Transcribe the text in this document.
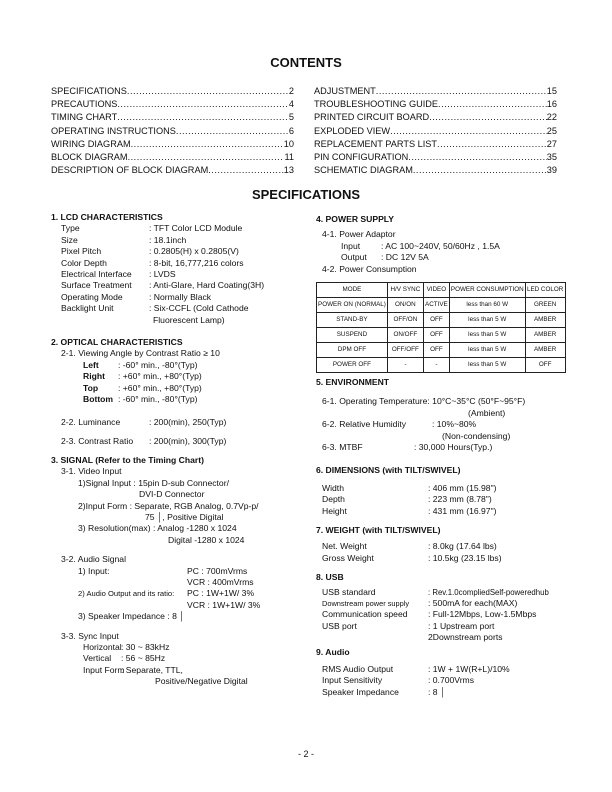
CONTENTS
SPECIFICATIONS .....	2
PRECAUTIONS .....	4
TIMING CHART .....	5
OPERATING INSTRUCTIONS .....	6
WIRING DIAGRAM .....	10
BLOCK DIAGRAM .....	11
DESCRIPTION OF BLOCK DIAGRAM .....	13
ADJUSTMENT .....	15
TROUBLESHOOTING GUIDE .....	16
PRINTED CIRCUIT BOARD .....	22
EXPLODED VIEW .....	25
REPLACEMENT PARTS LIST .....	27
PIN CONFIGURATION .....	35
SCHEMATIC DIAGRAM .....	39
SPECIFICATIONS
1. LCD CHARACTERISTICS
Type	: TFT Color LCD Module
Size	: 18.1inch
Pixel Pitch	: 0.2805(H) x 0.2805(V)
Color Depth	: 8-bit, 16,777,216 colors
Electrical Interface : LVDS
Surface Treatment : Anti-Glare, Hard Coating(3H)
Operating Mode	: Normally Black
Backlight Unit	: Six-CCFL (Cold Cathode
Fluorescent Lamp)
2. OPTICAL CHARACTERISTICS
2-1. Viewing Angle by Contrast Ratio ≥ 10
Left : -60° min., -80°(Typ)
Right : +60° min., +80°(Typ)
Top : +60° min., +80°(Typ)
Bottom : -60° min., -80°(Typ)
2-2. Luminance	: 200(min), 250(Typ)
2-3. Contrast Ratio : 200(min), 300(Typ)
3. SIGNAL (Refer to the Timing Chart)
3-1. Video Input
1)Signal Input : 15pin D-sub Connector/
DVI-D Connector
2)Input Form : Separate, RGB Analog, 0.7Vp-p/
75 │, Positive Digital
3) Resolution(max) : Analog -1280 x 1024
Digital -1280 x 1024
3-2. Audio Signal
1) Input:	PC : 700mVrms
VCR : 400mVrms
2) Audio Output and its ratio: PC : 1W+1W/ 3%
VCR : 1W+1W/ 3%
3) Speaker Impedance : 8 │
3-3. Sync Input
Horizontal : 30 ~ 83kHz
Vertical : 56 ~ 85Hz
Input Form
: Separate, TTL,
Positive/Negative Digital
4. POWER SUPPLY
4-1. Power Adaptor
Input : AC 100~240V, 50/60Hz , 1.5A
Output : DC 12V 5A
4-2. Power Consumption
MODE	H/V SYNC	VIDEO	POWER CONSUMPTION	LED COLOR
POWER ON (NORMAL)	ON/ON	ACTIVE	less than 60 W	GREEN
STAND-BY	OFF/ON	OFF	less than 5 W	AMBER
SUSPEND	ON/OFF	OFF	less than 5 W	AMBER
DPM OFF	OFF/OFF	OFF	less than 5 W	AMBER
POWER OFF	-	-	less than 5 W	OFF
5. ENVIRONMENT
6-1. Operating Temperature: 10°C~35°C (50°F~95°F)
(Ambient)
6-2. Relative Humidity	: 10%~80%
(Non-condensing)
6-3. MTBF	: 30,000 Hours(Typ.)
6. DIMENSIONS (with TILT/SWIVEL)
Width	: 406 mm (15.98")
Depth	: 223 mm (8.78")
Height	: 431 mm (16.97")
7. WEIGHT (with TILT/SWIVEL)
Net. Weight	: 8.0kg (17.64 lbs)
Gross Weight	: 10.5kg (23.15 lbs)
8. USB
USB standard	: Rev.1.0compliedSelf-poweredhub
Downstream power supply : 500mA for each(MAX)
Communication speed : Full-12Mbps, Low-1.5Mbps
USB port	: 1 Upstream port
2Downstream ports
9. Audio
RMS Audio Output	: 1W + 1W(R+L)/10%
Input Sensitivity	: 0.700Vrms
Speaker Impedance	: 8 │
- 2 -
